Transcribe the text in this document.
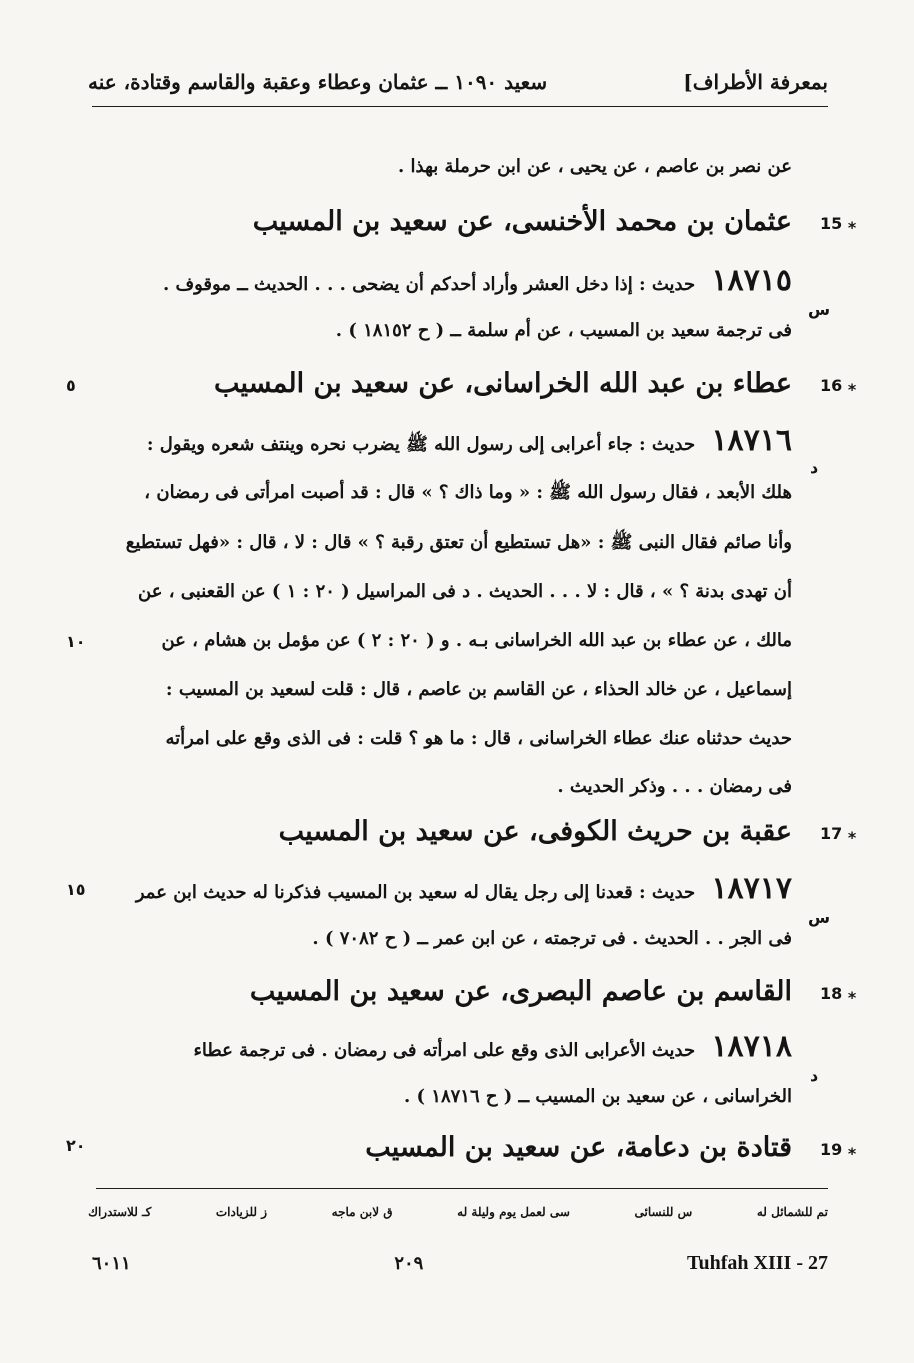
بمعرفة الأطراف]
سعيد ١٠٩٠ ــ عثمان وعطاء وعقبة والقاسم وقتادة، عنه
عن نصر بن عاصم ، عن يحيى ، عن ابن حرملة بهذا .
عثمان بن محمد الأخنسى، عن سعيد بن المسيب
١٨٧١٥ حديث : إذا دخل العشر وأراد أحدكم أن يضحى . . . الحديث ــ موقوف .
فى ترجمة سعيد بن المسيب ، عن أم سلمة ــ ( ح ١٨١٥٢ ) .
عطاء بن عبد الله الخراسانى، عن سعيد بن المسيب
١٨٧١٦ حديث : جاء أعرابى إلى رسول الله ﷺ يضرب نحره وينتف شعره ويقول :
هلك الأبعد ، فقال رسول الله ﷺ : « وما ذاك ؟ » قال : قد أصبت امرأتى فى رمضان ،
وأنا صائم فقال النبى ﷺ : «هل تستطيع أن تعتق رقبة ؟ » قال : لا ، قال : «فهل تستطيع
أن تهدى بدنة ؟ » ، قال : لا . . . الحديث . د فى المراسيل ( ٢٠ : ١ ) عن القعنبى ، عن
مالك ، عن عطاء بن عبد الله الخراسانى بـه . و ( ٢٠ : ٢ ) عن مؤمل بن هشام ، عن
إسماعيل ، عن خالد الحذاء ، عن القاسم بن عاصم ، قال : قلت لسعيد بن المسيب :
حديث حدثناه عنك عطاء الخراسانى ، قال : ما هو ؟ قلت : فى الذى وقع على امرأته
فى رمضان . . . وذكر الحديث .
عقبة بن حريث الكوفى، عن سعيد بن المسيب
١٨٧١٧ حديث : قعدنا إلى رجل يقال له سعيد بن المسيب فذكرنا له حديث ابن عمر
فى الجر . . الحديث . فى ترجمته ، عن ابن عمر ــ ( ح ٧٠٨٢ ) .
القاسم بن عاصم البصرى، عن سعيد بن المسيب
١٨٧١٨ حديث الأعرابى الذى وقع على امرأته فى رمضان . فى ترجمة عطاء
الخراسانى ، عن سعيد بن المسيب ــ ( ح ١٨٧١٦ ) .
قتادة بن دعامة، عن سعيد بن المسيب
15 ⁎
16 ⁎
17 ⁎
18 ⁎
19 ⁎
س
د
س
د
٥
١٠
١٥
٢٠
تم للشمائل له
س للنسائى
سى لعمل يوم وليلة له
ق لابن ماجه
ز للزيادات
كـ للاستدراك
٦٠١١	٢٠٩	Tuhfah XIII - 27
